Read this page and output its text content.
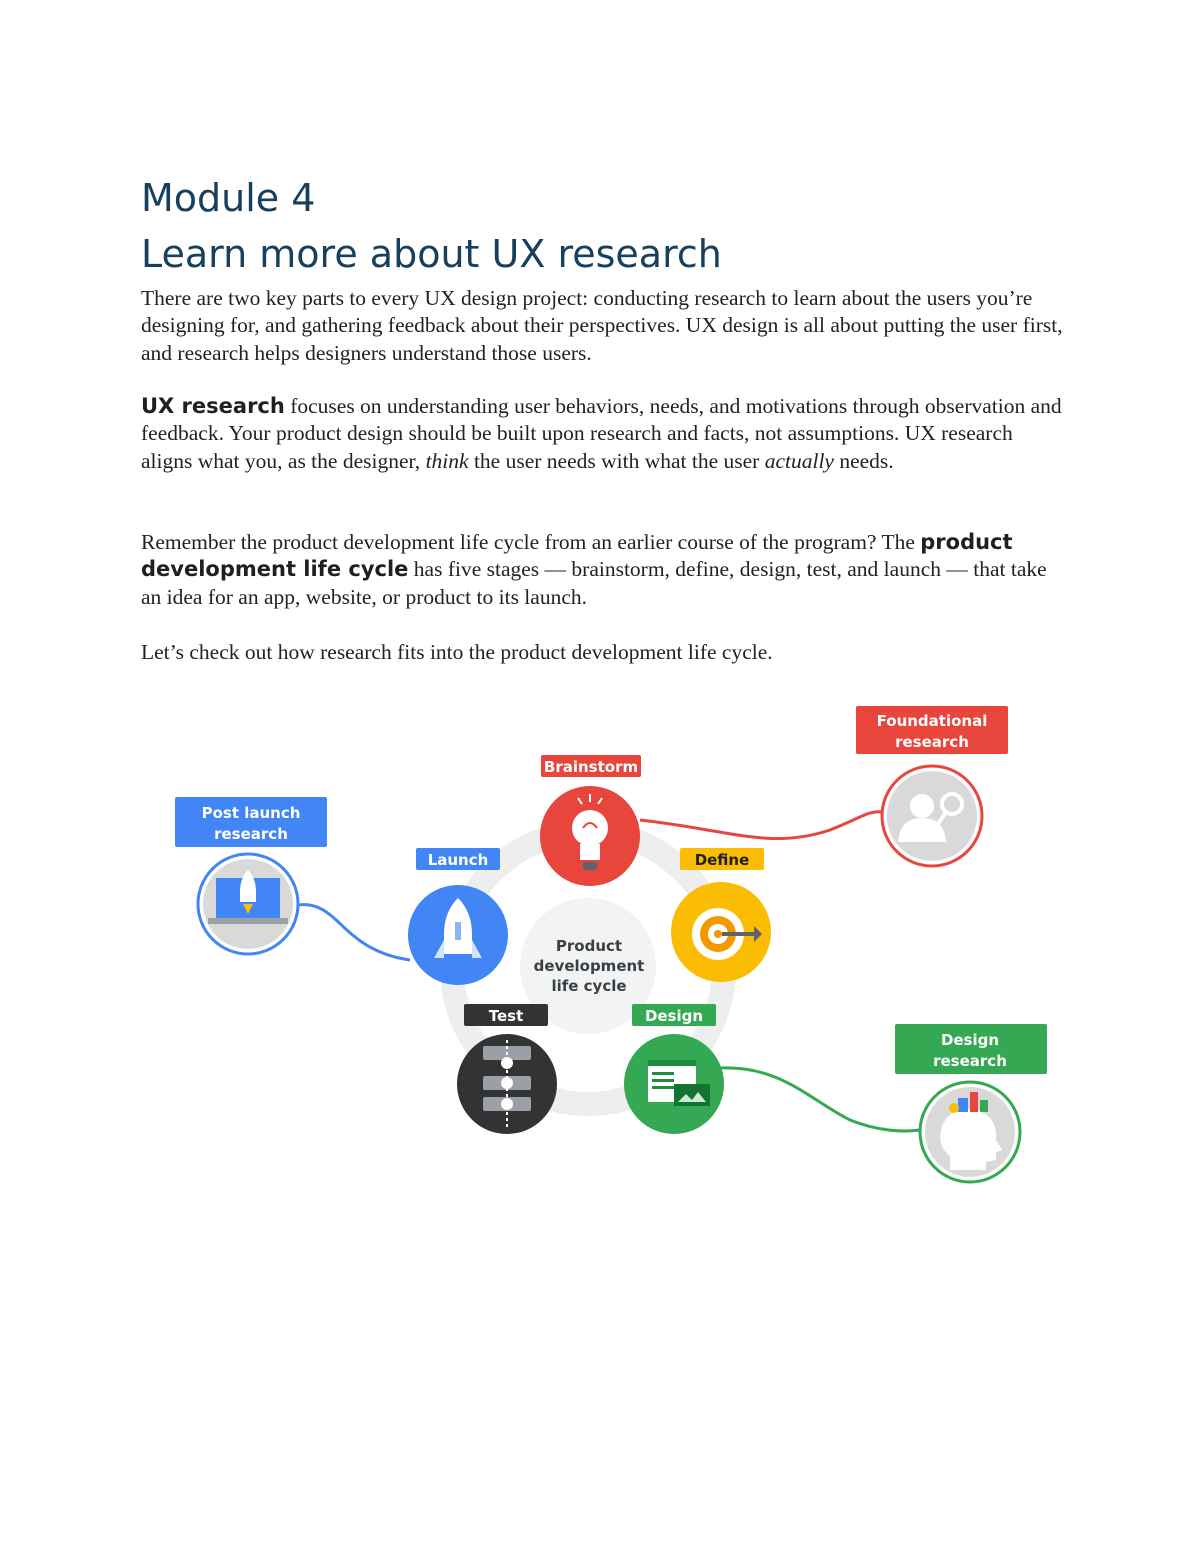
Module 4
Learn more about UX research

There are two key parts to every UX design project: conducting research to learn about the users you’re designing for, and gathering feedback about their perspectives. UX design is all about putting the user first, and research helps designers understand those users.

UX research focuses on understanding user behaviors, needs, and motivations through observation and feedback. Your product design should be built upon research and facts, not assumptions. UX research aligns what you, as the designer, think the user needs with what the user actually needs.

Remember the product development life cycle from an earlier course of the program? The product development life cycle has five stages — brainstorm, define, design, test, and launch — that take an idea for an app, website, or product to its launch.

Let’s check out how research fits into the product development life cycle.

Product
development
life cycle
Brainstorm
Define
Design
Test
Launch
Foundational
research
Post launch
research
Design
research
